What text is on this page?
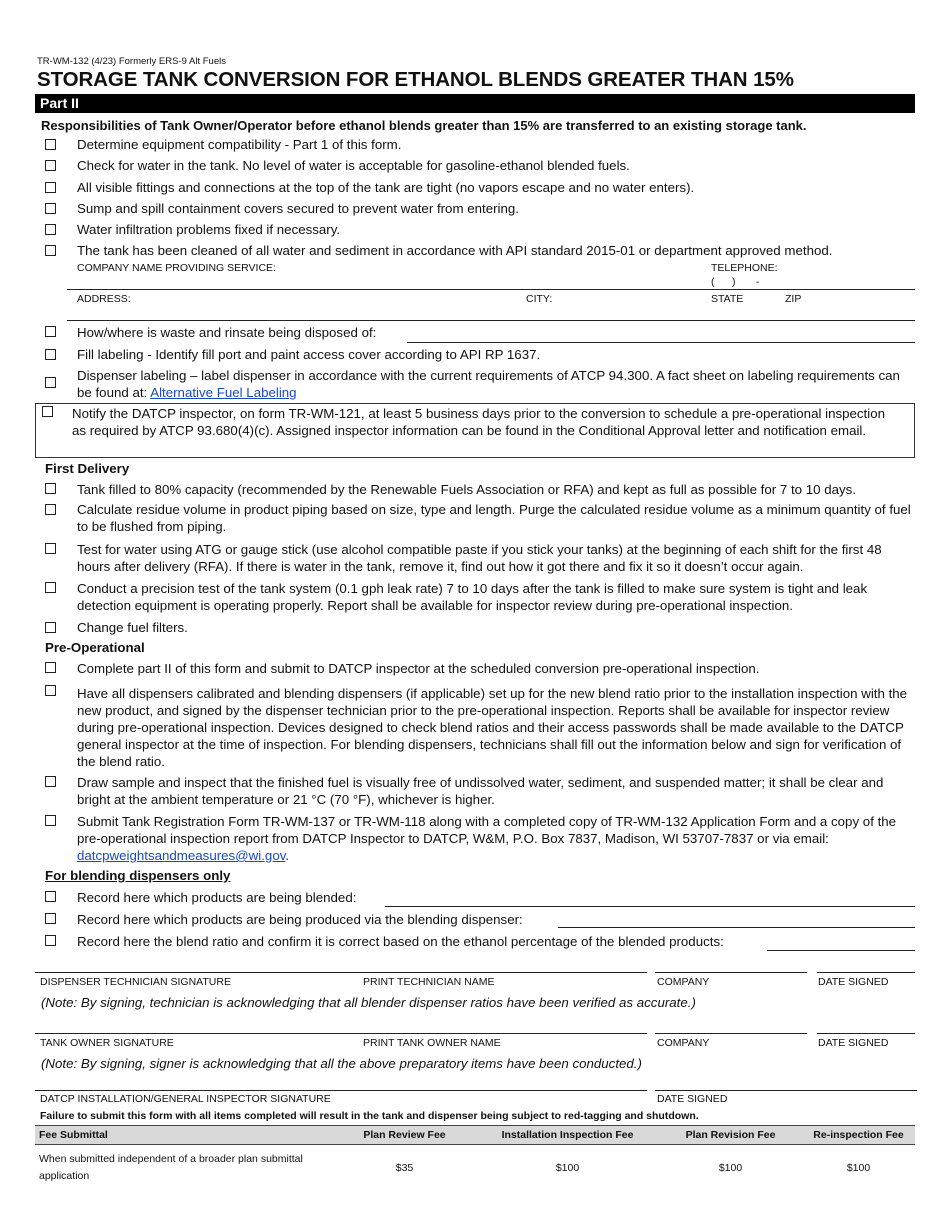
TR-WM-132 (4/23) Formerly ERS-9 Alt Fuels
STORAGE TANK CONVERSION FOR ETHANOL BLENDS GREATER THAN 15%
Part II
Responsibilities of Tank Owner/Operator before ethanol blends greater than 15% are transferred to an existing storage tank.
Determine equipment compatibility - Part 1 of this form.
Check for water in the tank. No level of water is acceptable for gasoline-ethanol blended fuels.
All visible fittings and connections at the top of the tank are tight (no vapors escape and no water enters).
Sump and spill containment covers secured to prevent water from entering.
Water infiltration problems fixed if necessary.
The tank has been cleaned of all water and sediment in accordance with API standard 2015-01 or department approved method.
COMPANY NAME PROVIDING SERVICE:	TELEPHONE:
(      )       -
ADDRESS:	CITY:	STATE	ZIP
How/where is waste and rinsate being disposed of:
Fill labeling - Identify fill port and paint access cover according to API RP 1637.
Dispenser labeling – label dispenser in accordance with the current requirements of ATCP 94.300. A fact sheet on labeling requirements can be found at: Alternative Fuel Labeling
Notify the DATCP inspector, on form TR-WM-121, at least 5 business days prior to the conversion to schedule a pre-operational inspection as required by ATCP 93.680(4)(c). Assigned inspector information can be found in the Conditional Approval letter and notification email.
First Delivery
Tank filled to 80% capacity (recommended by the Renewable Fuels Association or RFA) and kept as full as possible for 7 to 10 days.
Calculate residue volume in product piping based on size, type and length. Purge the calculated residue volume as a minimum quantity of fuel to be flushed from piping.
Test for water using ATG or gauge stick (use alcohol compatible paste if you stick your tanks) at the beginning of each shift for the first 48 hours after delivery (RFA). If there is water in the tank, remove it, find out how it got there and fix it so it doesn’t occur again.
Conduct a precision test of the tank system (0.1 gph leak rate) 7 to 10 days after the tank is filled to make sure system is tight and leak detection equipment is operating properly. Report shall be available for inspector review during pre-operational inspection.
Change fuel filters.
Pre-Operational
Complete part II of this form and submit to DATCP inspector at the scheduled conversion pre-operational inspection.
Have all dispensers calibrated and blending dispensers (if applicable) set up for the new blend ratio prior to the installation inspection with the new product, and signed by the dispenser technician prior to the pre-operational inspection. Reports shall be available for inspector review during pre-operational inspection. Devices designed to check blend ratios and their access passwords shall be made available to the DATCP general inspector at the time of inspection. For blending dispensers, technicians shall fill out the information below and sign for verification of the blend ratio.
Draw sample and inspect that the finished fuel is visually free of undissolved water, sediment, and suspended matter; it shall be clear and bright at the ambient temperature or 21 °C (70 °F), whichever is higher.
Submit Tank Registration Form TR-WM-137 or TR-WM-118 along with a completed copy of TR-WM-132 Application Form and a copy of the pre-operational inspection report from DATCP Inspector to DATCP, W&M, P.O. Box 7837, Madison, WI 53707-7837 or via email: datcpweightsandmeasures@wi.gov.
For blending dispensers only
Record here which products are being blended:
Record here which products are being produced via the blending dispenser:
Record here the blend ratio and confirm it is correct based on the ethanol percentage of the blended products:
DISPENSER TECHNICIAN SIGNATURE	PRINT TECHNICIAN NAME	COMPANY	DATE SIGNED
(Note: By signing, technician is acknowledging that all blender dispenser ratios have been verified as accurate.)
TANK OWNER SIGNATURE	PRINT TANK OWNER NAME	COMPANY	DATE SIGNED
(Note: By signing, signer is acknowledging that all the above preparatory items have been conducted.)
DATCP INSTALLATION/GENERAL INSPECTOR SIGNATURE	DATE SIGNED
Failure to submit this form with all items completed will result in the tank and dispenser being subject to red-tagging and shutdown.
Fee Submittal	Plan Review Fee	Installation Inspection Fee	Plan Revision Fee	Re-inspection Fee
When submitted independent of a broader plan submittal application	$35	$100	$100	$100
